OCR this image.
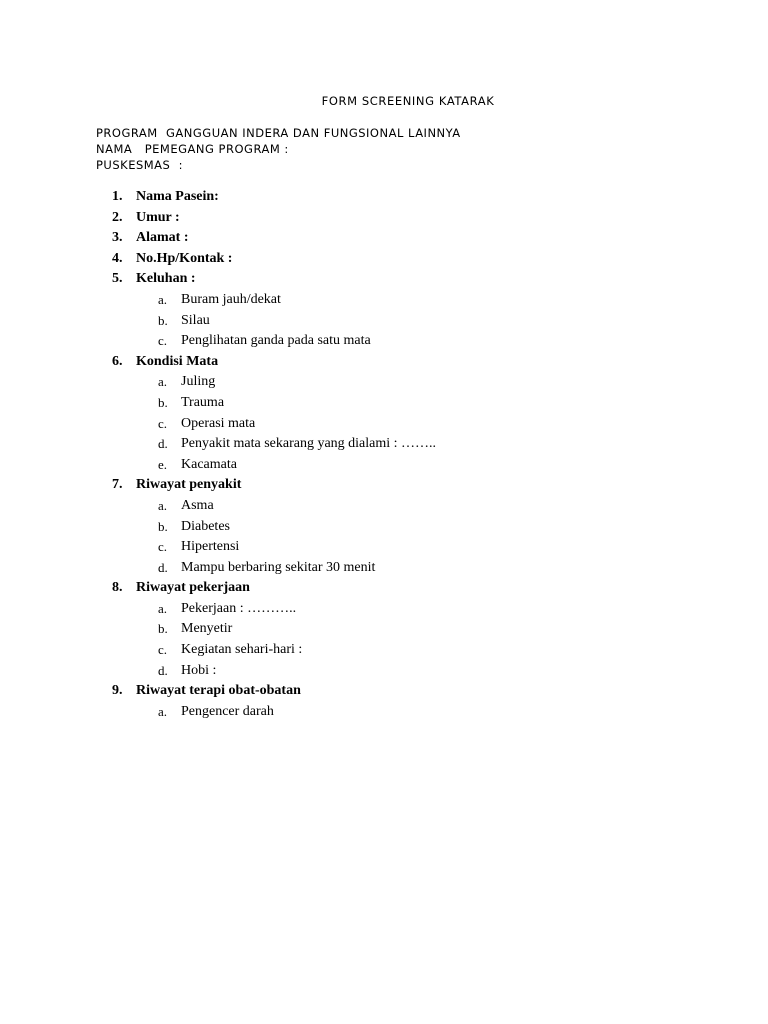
FORM SCREENING KATARAK
PROGRAM  GANGGUAN INDERA DAN FUNGSIONAL LAINNYA
NAMA   PEMEGANG PROGRAM :
PUSKESMAS  :
1. Nama Pasein:
2. Umur :
3. Alamat :
4. No.Hp/Kontak :
5. Keluhan :
a. Buram jauh/dekat
b. Silau
c. Penglihatan ganda pada satu mata
6. Kondisi Mata
a. Juling
b. Trauma
c. Operasi mata
d. Penyakit mata sekarang yang dialami : ……..
e. Kacamata
7. Riwayat penyakit
a. Asma
b. Diabetes
c. Hipertensi
d. Mampu berbaring sekitar 30 menit
8. Riwayat pekerjaan
a. Pekerjaan : ………..
b. Menyetir
c. Kegiatan sehari-hari :
d. Hobi :
9. Riwayat terapi obat-obatan
a. Pengencer darah
